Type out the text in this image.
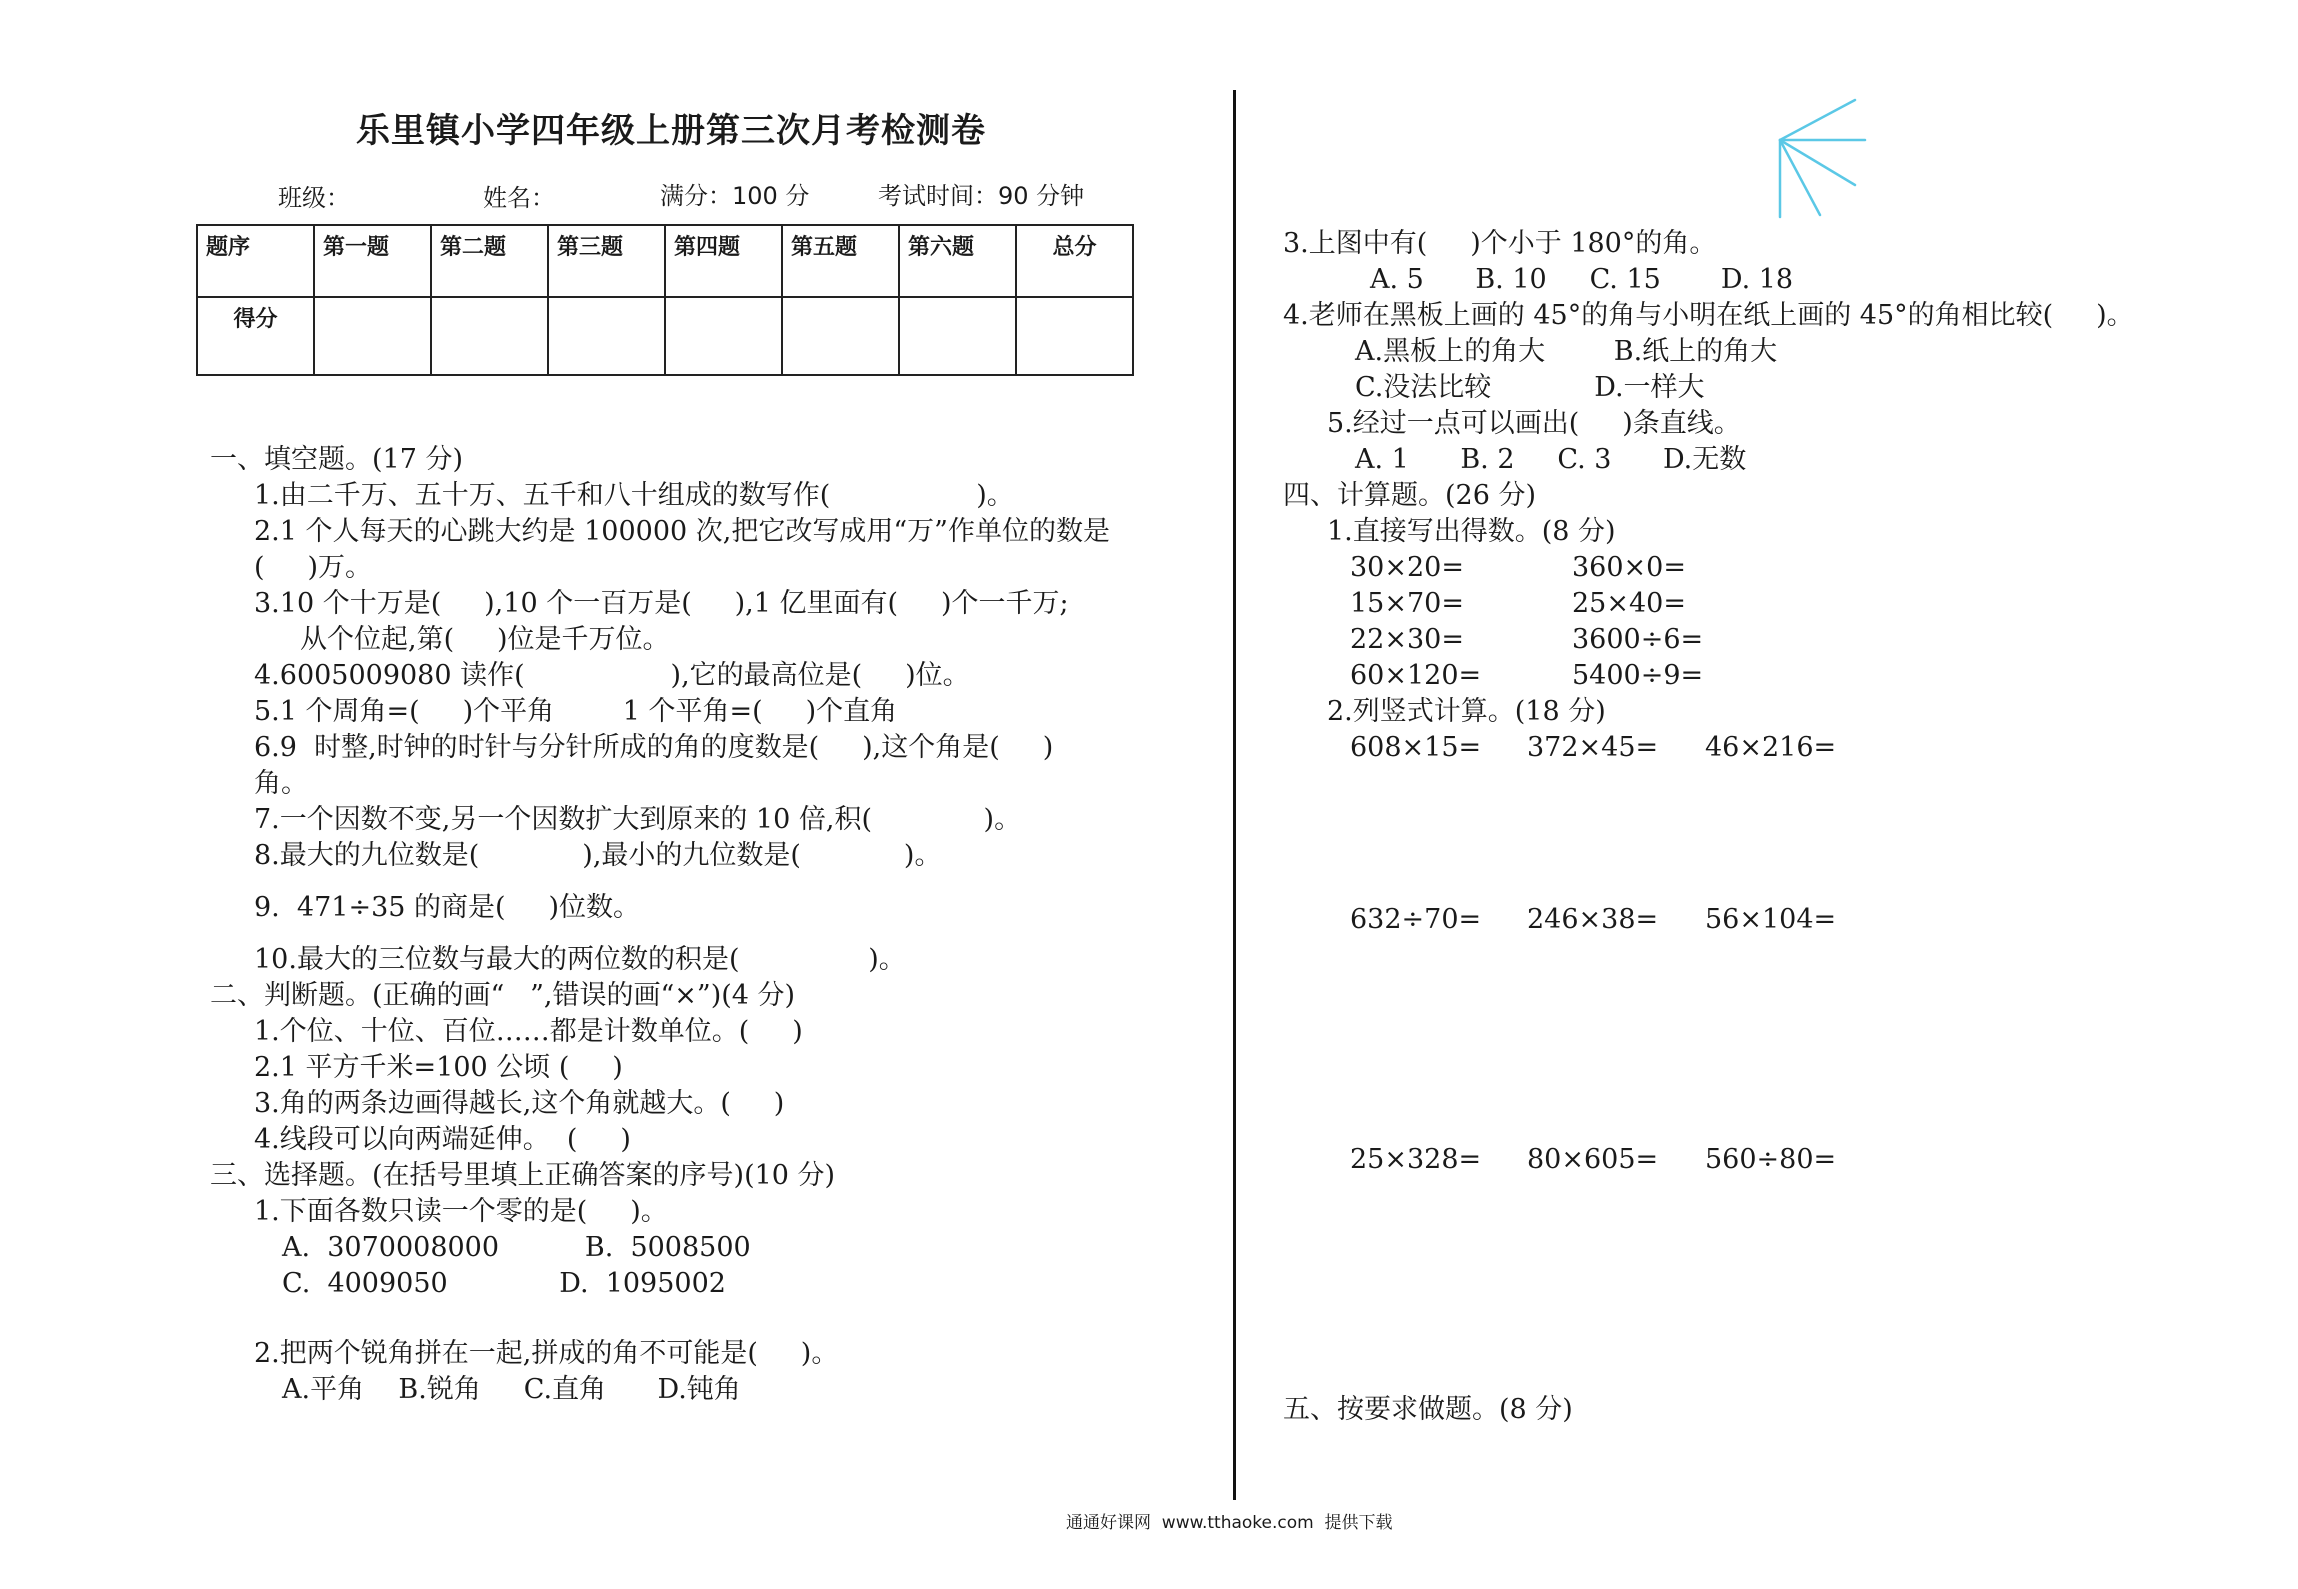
乐里镇小学四年级上册第三次月考检测卷
班级：	姓名：	满分：100 分	考试时间：90 分钟
题序	第一题	第二题	第三题	第四题	第五题	第六题	总分
得分							
一、填空题。(17 分)
1.由二千万、五十万、五千和八十组成的数写作(                 )。
2.1 个人每天的心跳大约是 100000 次,把它改写成用“万”作单位的数是
(     )万。
3.10 个十万是(     ),10 个一百万是(     ),1 亿里面有(     )个一千万;
从个位起,第(     )位是千万位。
4.6005009080 读作(                 ),它的最高位是(     )位。
5.1 个周角=(     )个平角        1 个平角=(     )个直角
6.9  时整,时钟的时针与分针所成的角的度数是(     ),这个角是(     )
角。
7.一个因数不变,另一个因数扩大到原来的 10 倍,积(             )。
8.最大的九位数是(            ),最小的九位数是(            )。
9.  471÷35 的商是(     )位数。
10.最大的三位数与最大的两位数的积是(               )。
二、判断题。(正确的画“   ”,错误的画“×”)(4 分)
1.个位、十位、百位……都是计数单位。(     )
2.1 平方千米=100 公顷 (     )
3.角的两条边画得越长,这个角就越大。(     )
4.线段可以向两端延伸。  (     )
三、选择题。(在括号里填上正确答案的序号)(10 分)
1.下面各数只读一个零的是(     )。
A.  3070008000          B.  5008500
C.  4009050             D.  1095002
2.把两个锐角拼在一起,拼成的角不可能是(     )。
A.平角    B.锐角     C.直角      D.钝角
3.上图中有(     )个小于 180°的角。
A. 5      B. 10     C. 15       D. 18
4.老师在黑板上画的 45°的角与小明在纸上画的 45°的角相比较(     )。
A.黑板上的角大        B.纸上的角大
C.没法比较            D.一样大
5.经过一点可以画出(     )条直线。
A. 1      B. 2     C. 3      D.无数
四、计算题。(26 分)
1.直接写出得数。(8 分)
30×20=	360×0=
15×70=	25×40=
22×30=	3600÷6=
60×120=	5400÷9=
2.列竖式计算。(18 分)
608×15= 372×45= 46×216=
632÷70= 246×38= 56×104=
25×328= 80×605= 560÷80=
五、按要求做题。(8 分)
通通好课网  www.tthaoke.com  提供下载
